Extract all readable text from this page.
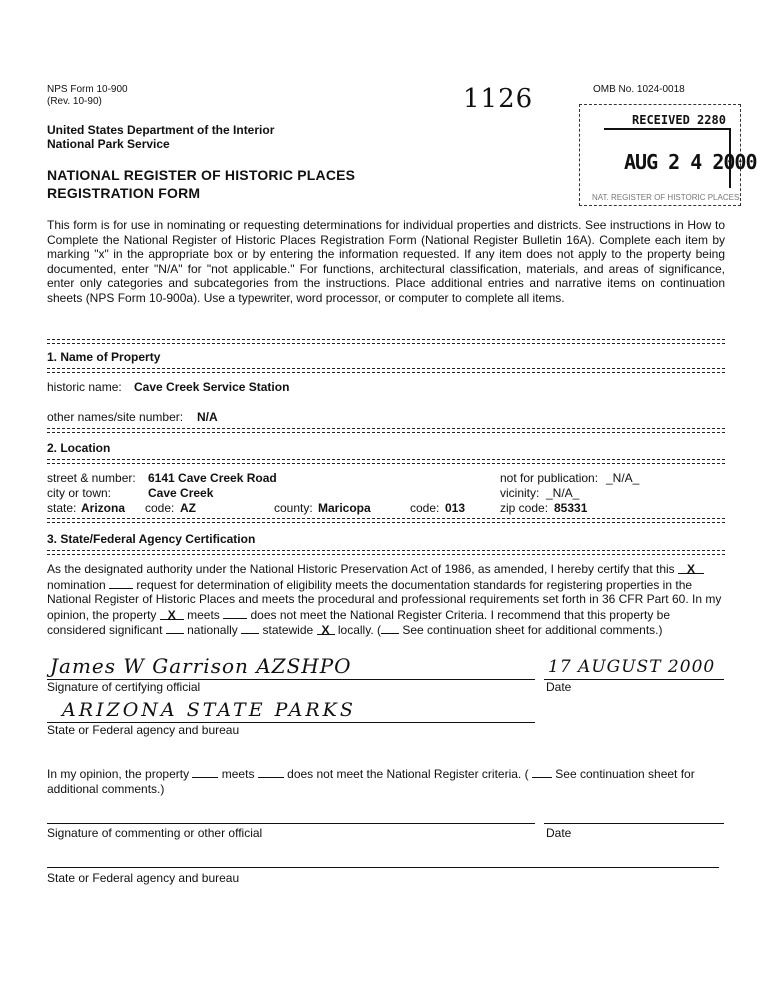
NPS Form 10-900
(Rev. 10-90)	1126	OMB No. 1024-0018
RECEIVED 2280
AUG 2 4 2000
NAT. REGISTER OF HISTORIC PLACES
United States Department of the Interior
National Park Service
NATIONAL REGISTER OF HISTORIC PLACES
REGISTRATION FORM
This form is for use in nominating or requesting determinations for individual properties and districts. See instructions in How to Complete the National Register of Historic Places Registration Form (National Register Bulletin 16A). Complete each item by marking "x" in the appropriate box or by entering the information requested. If any item does not apply to the property being documented, enter "N/A" for "not applicable." For functions, architectural classification, materials, and areas of significance, enter only categories and subcategories from the instructions. Place additional entries and narrative items on continuation sheets (NPS Form 10-900a). Use a typewriter, word processor, or computer to complete all items.
1. Name of Property
historic name: Cave Creek Service Station
other names/site number: N/A
2. Location
street & number: 6141 Cave Creek Road	not for publication: _N/A_
city or town:	Cave Creek	vicinity: _N/A_
state: Arizona code: AZ	county: Maricopa	code: 013	zip code: 85331
3. State/Federal Agency Certification
As the designated authority under the National Historic Preservation Act of 1986, as amended, I hereby certify that this X nomination	request for determination of eligibility meets the documentation standards for registering properties in the National Register of Historic Places and meets the procedural and professional requirements set forth in 36 CFR Part 60. In my opinion, the property X meets	does not meet the National Register Criteria. I recommend that this property be considered significant nationally statewide X locally. ( See continuation sheet for additional comments.)
James W Garrison AZSHPO	17 AUGUST 2000
Signature of certifying official	Date
ARIZONA STATE PARKS
State or Federal agency and bureau
In my opinion, the property	meets	does not meet the National Register criteria. ( See continuation sheet for additional comments.)
Signature of commenting or other official	Date
State or Federal agency and bureau
